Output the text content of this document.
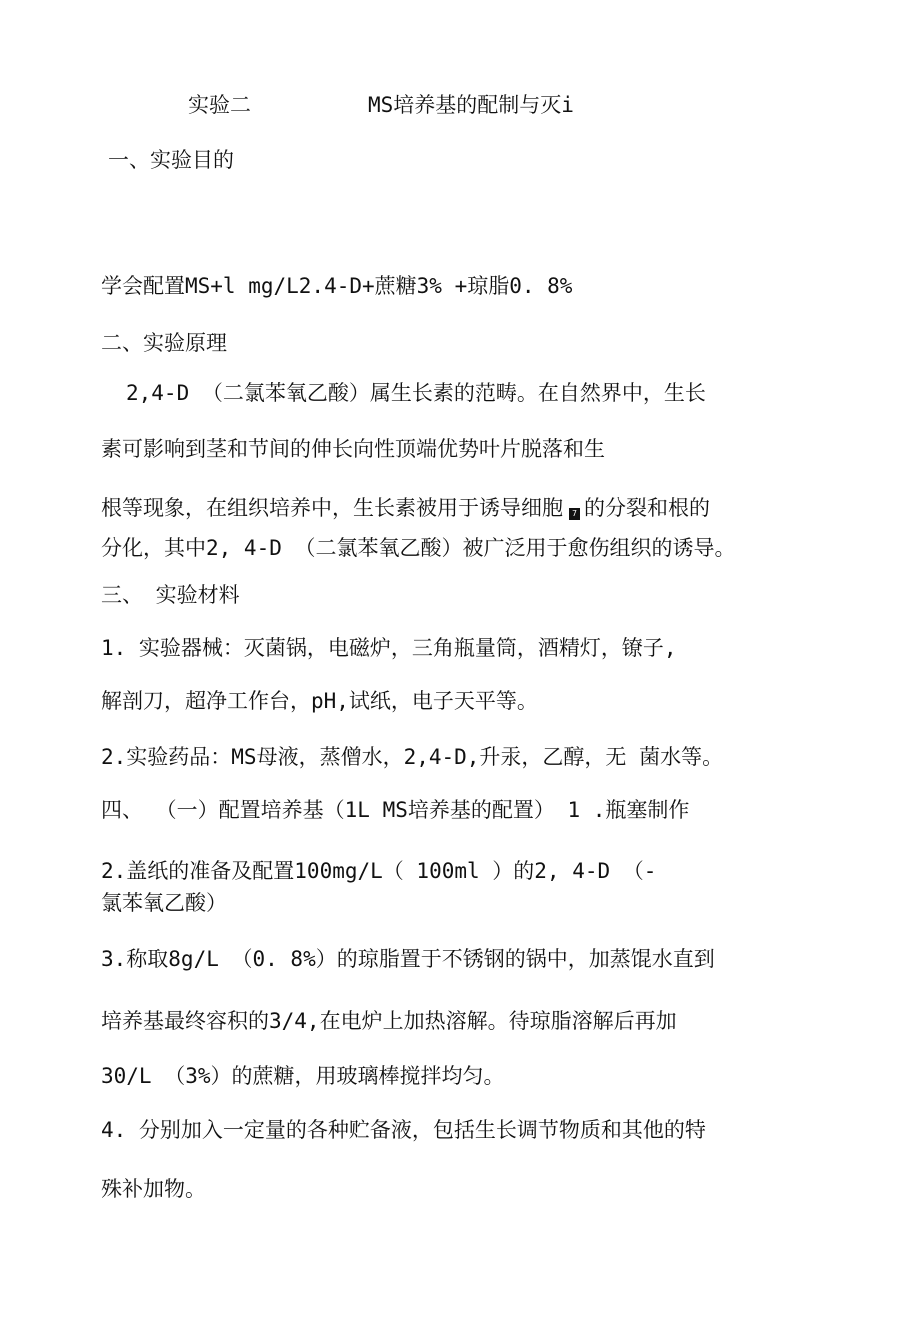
实验二	MS培养基的配制与灭i
一、实验目的
学会配置MS+l mg/L2.4-D+蔗糖3% +琼脂0. 8%
二、实验原理
2,4-D （二氯苯氧乙酸）属生长素的范畴。在自然界中，生长
素可影响到茎和节间的伸长向性顶端优势叶片脱落和生
根等现象，在组织培养中，生长素被用于诱导细胞 7 的分裂和根的
分化，其中2, 4-D （二氯苯氧乙酸）被广泛用于愈伤组织的诱导。
三、 实验材料
1. 实验器械：灭菌锅，电磁炉，三角瓶量筒，酒精灯，镣子,
解剖刀，超净工作台，pH,试纸，电子天平等。
2.实验药品：MS母液，蒸僧水，2,4-D,升汞，乙醇，无 菌水等。
四、 （一）配置培养基（1L MS培养基的配置） 1 .瓶塞制作
2.盖纸的准备及配置100mg/L（ 100ml ）的2, 4-D （-
氯苯氧乙酸）
3.称取8g/L （0. 8%）的琼脂置于不锈钢的锅中，加蒸馄水直到
培养基最终容积的3/4,在电炉上加热溶解。待琼脂溶解后再加
30/L （3%）的蔗糖，用玻璃棒搅拌均匀。
4. 分别加入一定量的各种贮备液，包括生长调节物质和其他的特
殊补加物。
